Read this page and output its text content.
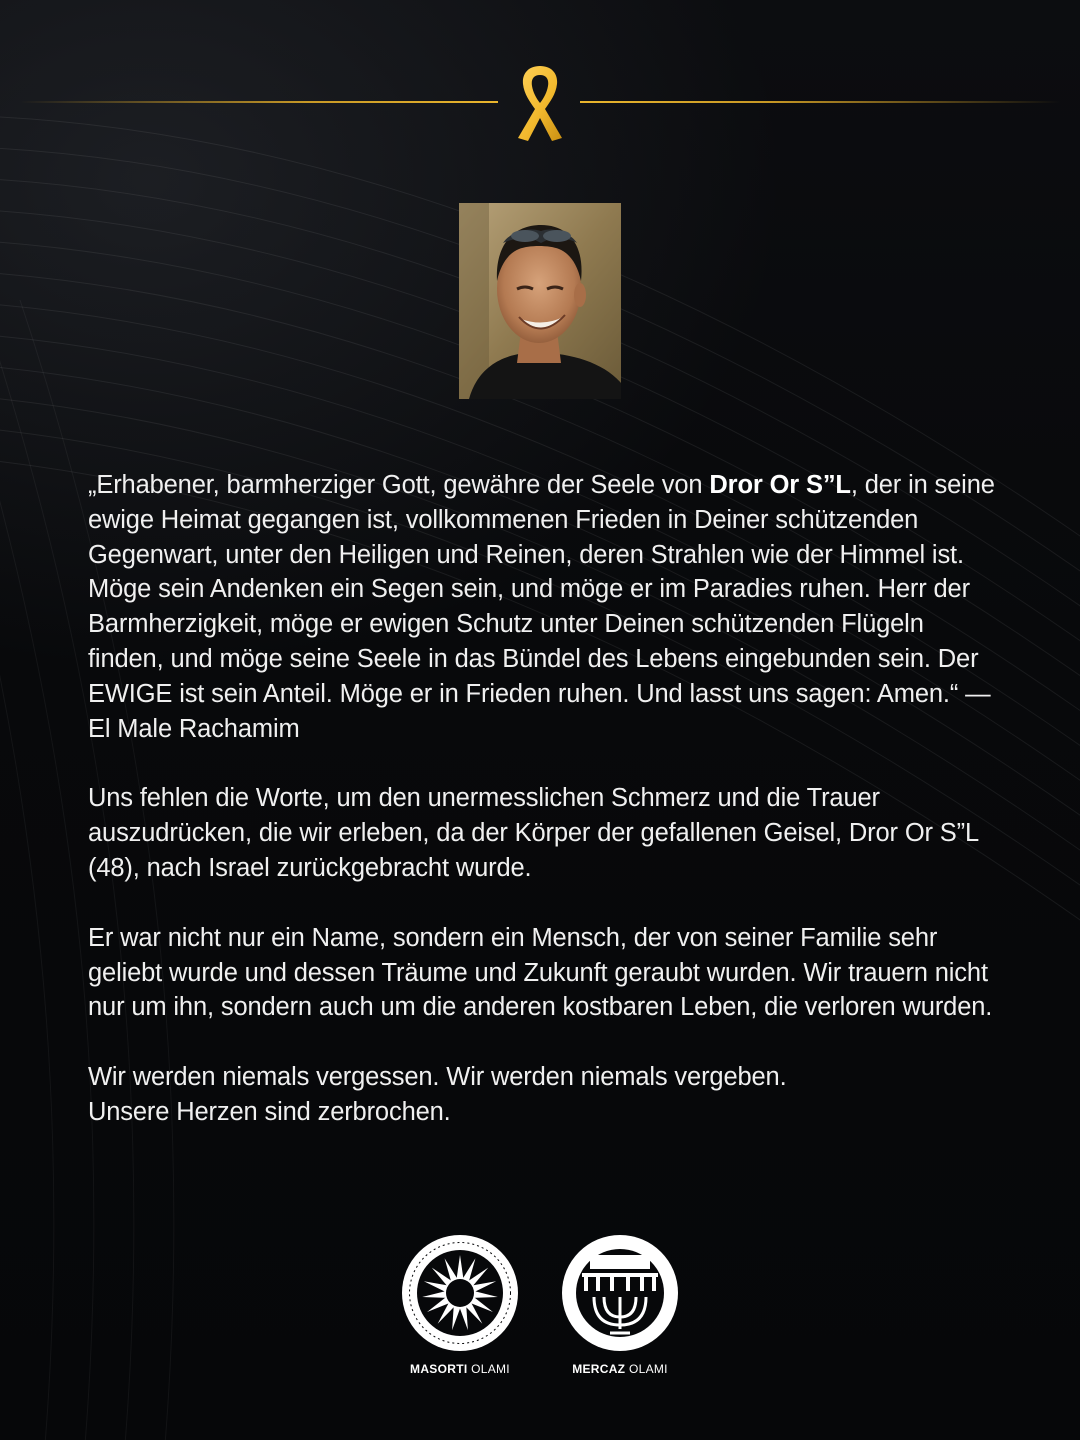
„Erhabener, barmherziger Gott, gewähre der Seele von Dror Or S”L, der in seine ewige Heimat gegangen ist, vollkommenen Frieden in Deiner schützenden Gegenwart, unter den Heiligen und Reinen, deren Strahlen wie der Himmel ist. Möge sein Andenken ein Segen sein, und möge er im Paradies ruhen. Herr der Barmherzigkeit, möge er ewigen Schutz unter Deinen schützenden Flügeln finden, und möge seine Seele in das Bündel des Lebens eingebunden sein. Der EWIGE ist sein Anteil. Möge er in Frieden ruhen. Und lasst uns sagen: Amen.“ — El Male Rachamim

Uns fehlen die Worte, um den unermesslichen Schmerz und die Trauer auszudrücken, die wir erleben, da der Körper der gefallenen Geisel, Dror Or S”L (48), nach Israel zurückgebracht wurde.

Er war nicht nur ein Name, sondern ein Mensch, der von seiner Familie sehr geliebt wurde und dessen Träume und Zukunft geraubt wurden. Wir trauern nicht nur um ihn, sondern auch um die anderen kostbaren Leben, die verloren wurden.

Wir werden niemals vergessen. Wir werden niemals vergeben.
Unsere Herzen sind zerbrochen.

MASORTI OLAMI	MERCAZ OLAMI
